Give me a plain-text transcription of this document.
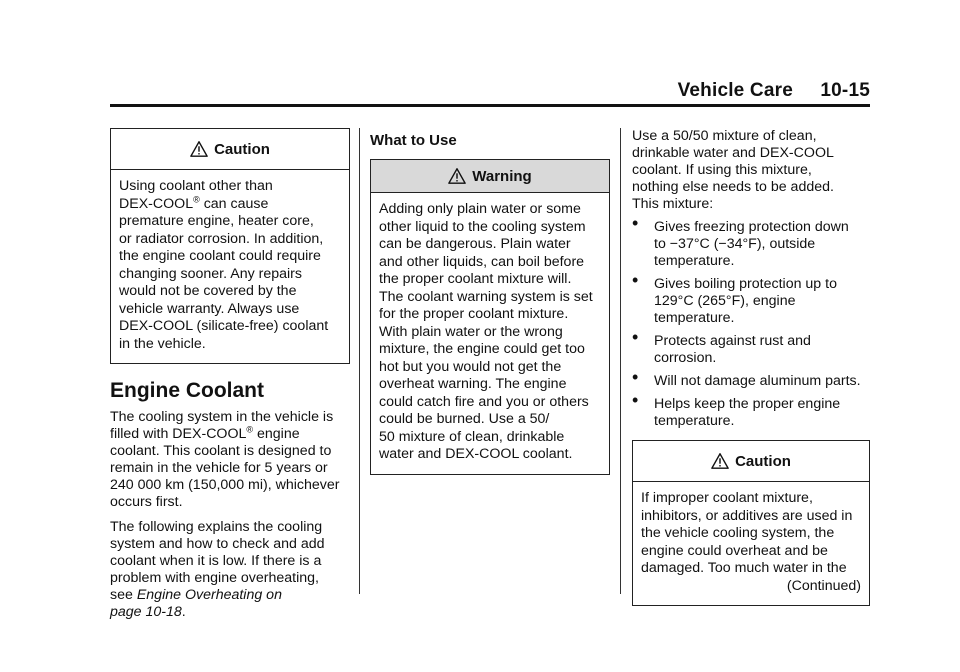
Vehicle Care 10-15
Caution

Using coolant other than

DEX-COOL® can cause

premature engine, heater core,

or radiator corrosion. In addition,

the engine coolant could require

changing sooner. Any repairs

would not be covered by the

vehicle warranty. Always use

DEX-COOL (silicate-free) coolant

in the vehicle.

Engine Coolant

The cooling system in the vehicle is

filled with DEX-COOL® engine

coolant. This coolant is designed to

remain in the vehicle for 5 years or

240 000 km (150,000 mi), whichever

occurs first.

The following explains the cooling

system and how to check and add

coolant when it is low. If there is a

problem with engine overheating,

see Engine Overheating on

page 10-18.

What to Use
Warning

Adding only plain water or some

other liquid to the cooling system

can be dangerous. Plain water

and other liquids, can boil before

the proper coolant mixture will.

The coolant warning system is set

for the proper coolant mixture.

With plain water or the wrong

mixture, the engine could get too

hot but you would not get the

overheat warning. The engine

could catch fire and you or others

could be burned. Use a 50/

50 mixture of clean, drinkable

water and DEX-COOL coolant.

Use a 50/50 mixture of clean,

drinkable water and DEX-COOL

coolant. If using this mixture,

nothing else needs to be added.

This mixture:

• Gives freezing protection down

to −37°C (−34°F), outside

temperature.

• Gives boiling protection up to

129°C (265°F), engine

temperature.

• Protects against rust and

corrosion.

• Will not damage aluminum parts.

• Helps keep the proper engine

temperature.

Caution

If improper coolant mixture,

inhibitors, or additives are used in

the vehicle cooling system, the

engine could overheat and be

damaged. Too much water in the

(Continued)
